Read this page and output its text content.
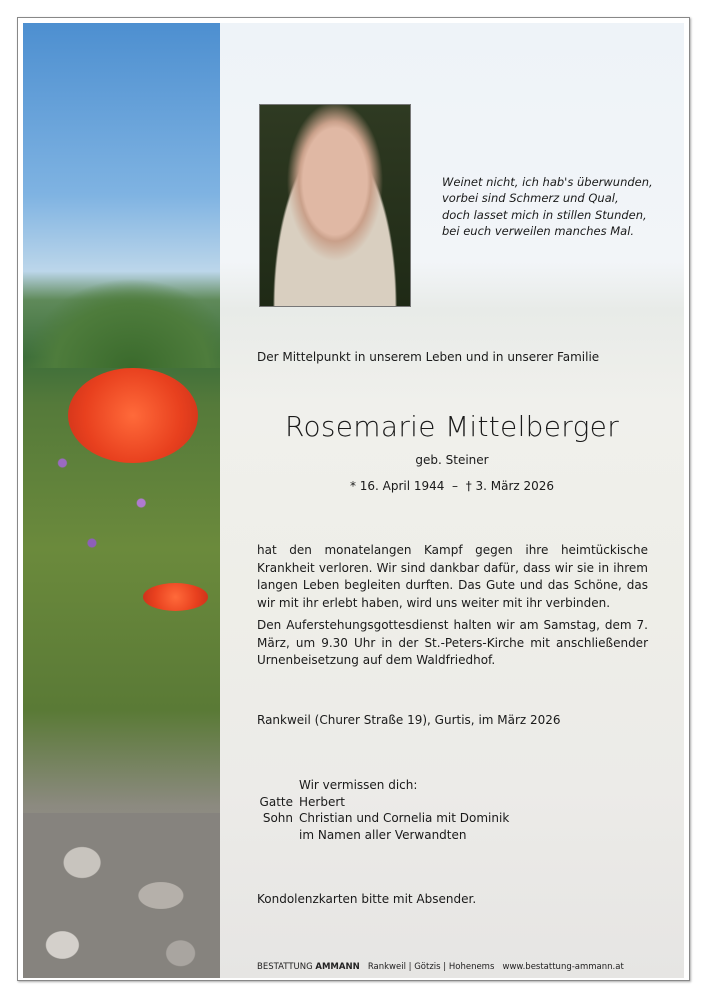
Weinet nicht, ich hab's überwunden,
vorbei sind Schmerz und Qual,
doch lasset mich in stillen Stunden,
bei euch verweilen manches Mal.
Der Mittelpunkt in unserem Leben und in unserer Familie
Rosemarie Mittelberger
geb. Steiner
* 16. April 1944  –  † 3. März 2026
hat den monatelangen Kampf gegen ihre heimtückische Krankheit verloren. Wir sind dankbar dafür, dass wir sie in ihrem langen Leben begleiten durften. Das Gute und das Schöne, das wir mit ihr erlebt haben, wird uns weiter mit ihr verbinden.
Den Auferstehungsgottesdienst halten wir am Samstag, dem 7. März, um 9.30 Uhr in der St.-Peters-Kirche mit anschließender Urnenbeisetzung auf dem Waldfriedhof.
Rankweil (Churer Straße 19), Gurtis, im März 2026
Gatte
Sohn
Wir vermissen dich:
Herbert
Christian und Cornelia mit Dominik
im Namen aller Verwandten
Kondolenzkarten bitte mit Absender.
BESTATTUNG AMMANN Rankweil | Götzis | Hohenems www.bestattung-ammann.at
